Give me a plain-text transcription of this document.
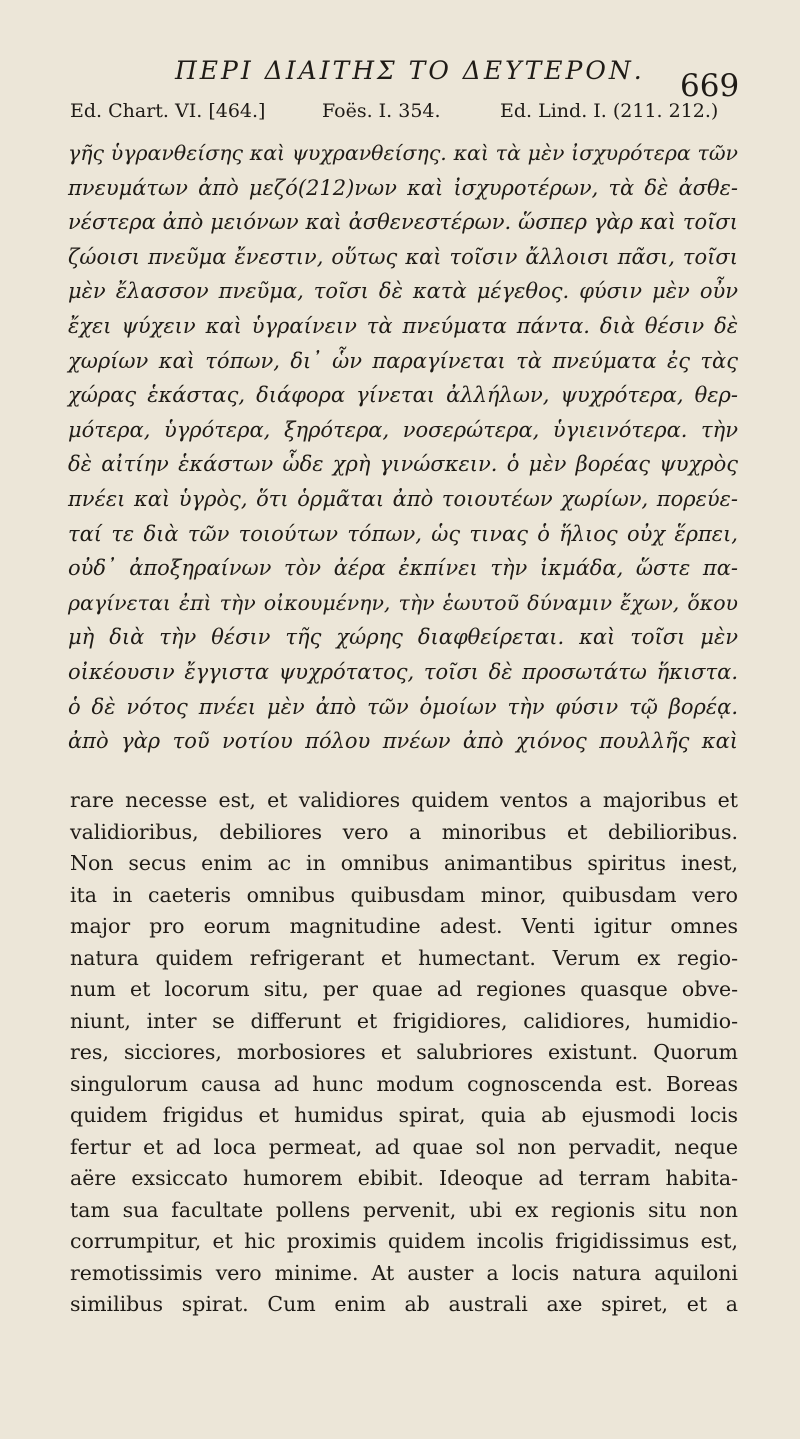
ΠΕΡΙ ΔΙΑΙΤΗΣ ΤΟ ΔΕΥΤΕΡΟΝ. 669
Ed. Chart. VI. [464.]	Foës. I. 354.	Ed. Lind. I. (211. 212.)
γῆς ὑγρανθείσης καὶ ψυχρανθείσης. καὶ τὰ μὲν ἰσχυρότερα τῶν
πνευμάτων ἀπὸ μεζό(212)νων καὶ ἰσχυροτέρων, τὰ δὲ ἀσθε-
νέστερα ἀπὸ μειόνων καὶ ἀσθενεστέρων. ὥσπερ γὰρ καὶ τοῖσι
ζώοισι πνεῦμα ἔνεστιν, οὕτως καὶ τοῖσιν ἄλλοισι πᾶσι, τοῖσι
μὲν ἔλασσον πνεῦμα, τοῖσι δὲ κατὰ μέγεθος. φύσιν μὲν οὖν
ἔχει ψύχειν καὶ ὑγραίνειν τὰ πνεύματα πάντα. διὰ θέσιν δὲ
χωρίων καὶ τόπων, δι᾽ ὧν παραγίνεται τὰ πνεύματα ἐς τὰς
χώρας ἑκάστας, διάφορα γίνεται ἀλλήλων, ψυχρότερα, θερ-
μότερα, ὑγρότερα, ξηρότερα, νοσερώτερα, ὑγιεινότερα. τὴν
δὲ αἰτίην ἑκάστων ὧδε χρὴ γινώσκειν. ὁ μὲν βορέας ψυχρὸς
πνέει καὶ ὑγρὸς, ὅτι ὁρμᾶται ἀπὸ τοιουτέων χωρίων, πορεύε-
ταί τε διὰ τῶν τοιούτων τόπων, ὡς τινας ὁ ἥλιος οὐχ ἕρπει,
οὐδ᾽ ἀποξηραίνων τὸν ἀέρα ἐκπίνει τὴν ἰκμάδα, ὥστε πα-
ραγίνεται ἐπὶ τὴν οἰκουμένην, τὴν ἑωυτοῦ δύναμιν ἔχων, ὅκου
μὴ διὰ τὴν θέσιν τῆς χώρης διαφθείρεται. καὶ τοῖσι μὲν
οἰκέουσιν ἔγγιστα ψυχρότατος, τοῖσι δὲ προσωτάτω ἥκιστα.
ὁ δὲ νότος πνέει μὲν ἀπὸ τῶν ὁμοίων τὴν φύσιν τῷ βορέᾳ.
ἀπὸ γὰρ τοῦ νοτίου πόλου πνέων ἀπὸ χιόνος πουλλῆς καὶ
rare necesse est, et validiores quidem ventos a majoribus et
validioribus, debiliores vero a minoribus et debilioribus.
Non secus enim ac in omnibus animantibus spiritus inest,
ita in caeteris omnibus quibusdam minor, quibusdam vero
major pro eorum magnitudine adest. Venti igitur omnes
natura quidem refrigerant et humectant. Verum ex regio-
num et locorum situ, per quae ad regiones quasque obve-
niunt, inter se differunt et frigidiores, calidiores, humidio-
res, sicciores, morbosiores et salubriores existunt. Quorum
singulorum causa ad hunc modum cognoscenda est. Boreas
quidem frigidus et humidus spirat, quia ab ejusmodi locis
fertur et ad loca permeat, ad quae sol non pervadit, neque
aëre exsiccato humorem ebibit. Ideoque ad terram habita-
tam sua facultate pollens pervenit, ubi ex regionis situ non
corrumpitur, et hic proximis quidem incolis frigidissimus est,
remotissimis vero minime. At auster a locis natura aquiloni
similibus spirat. Cum enim ab australi axe spiret, et a
